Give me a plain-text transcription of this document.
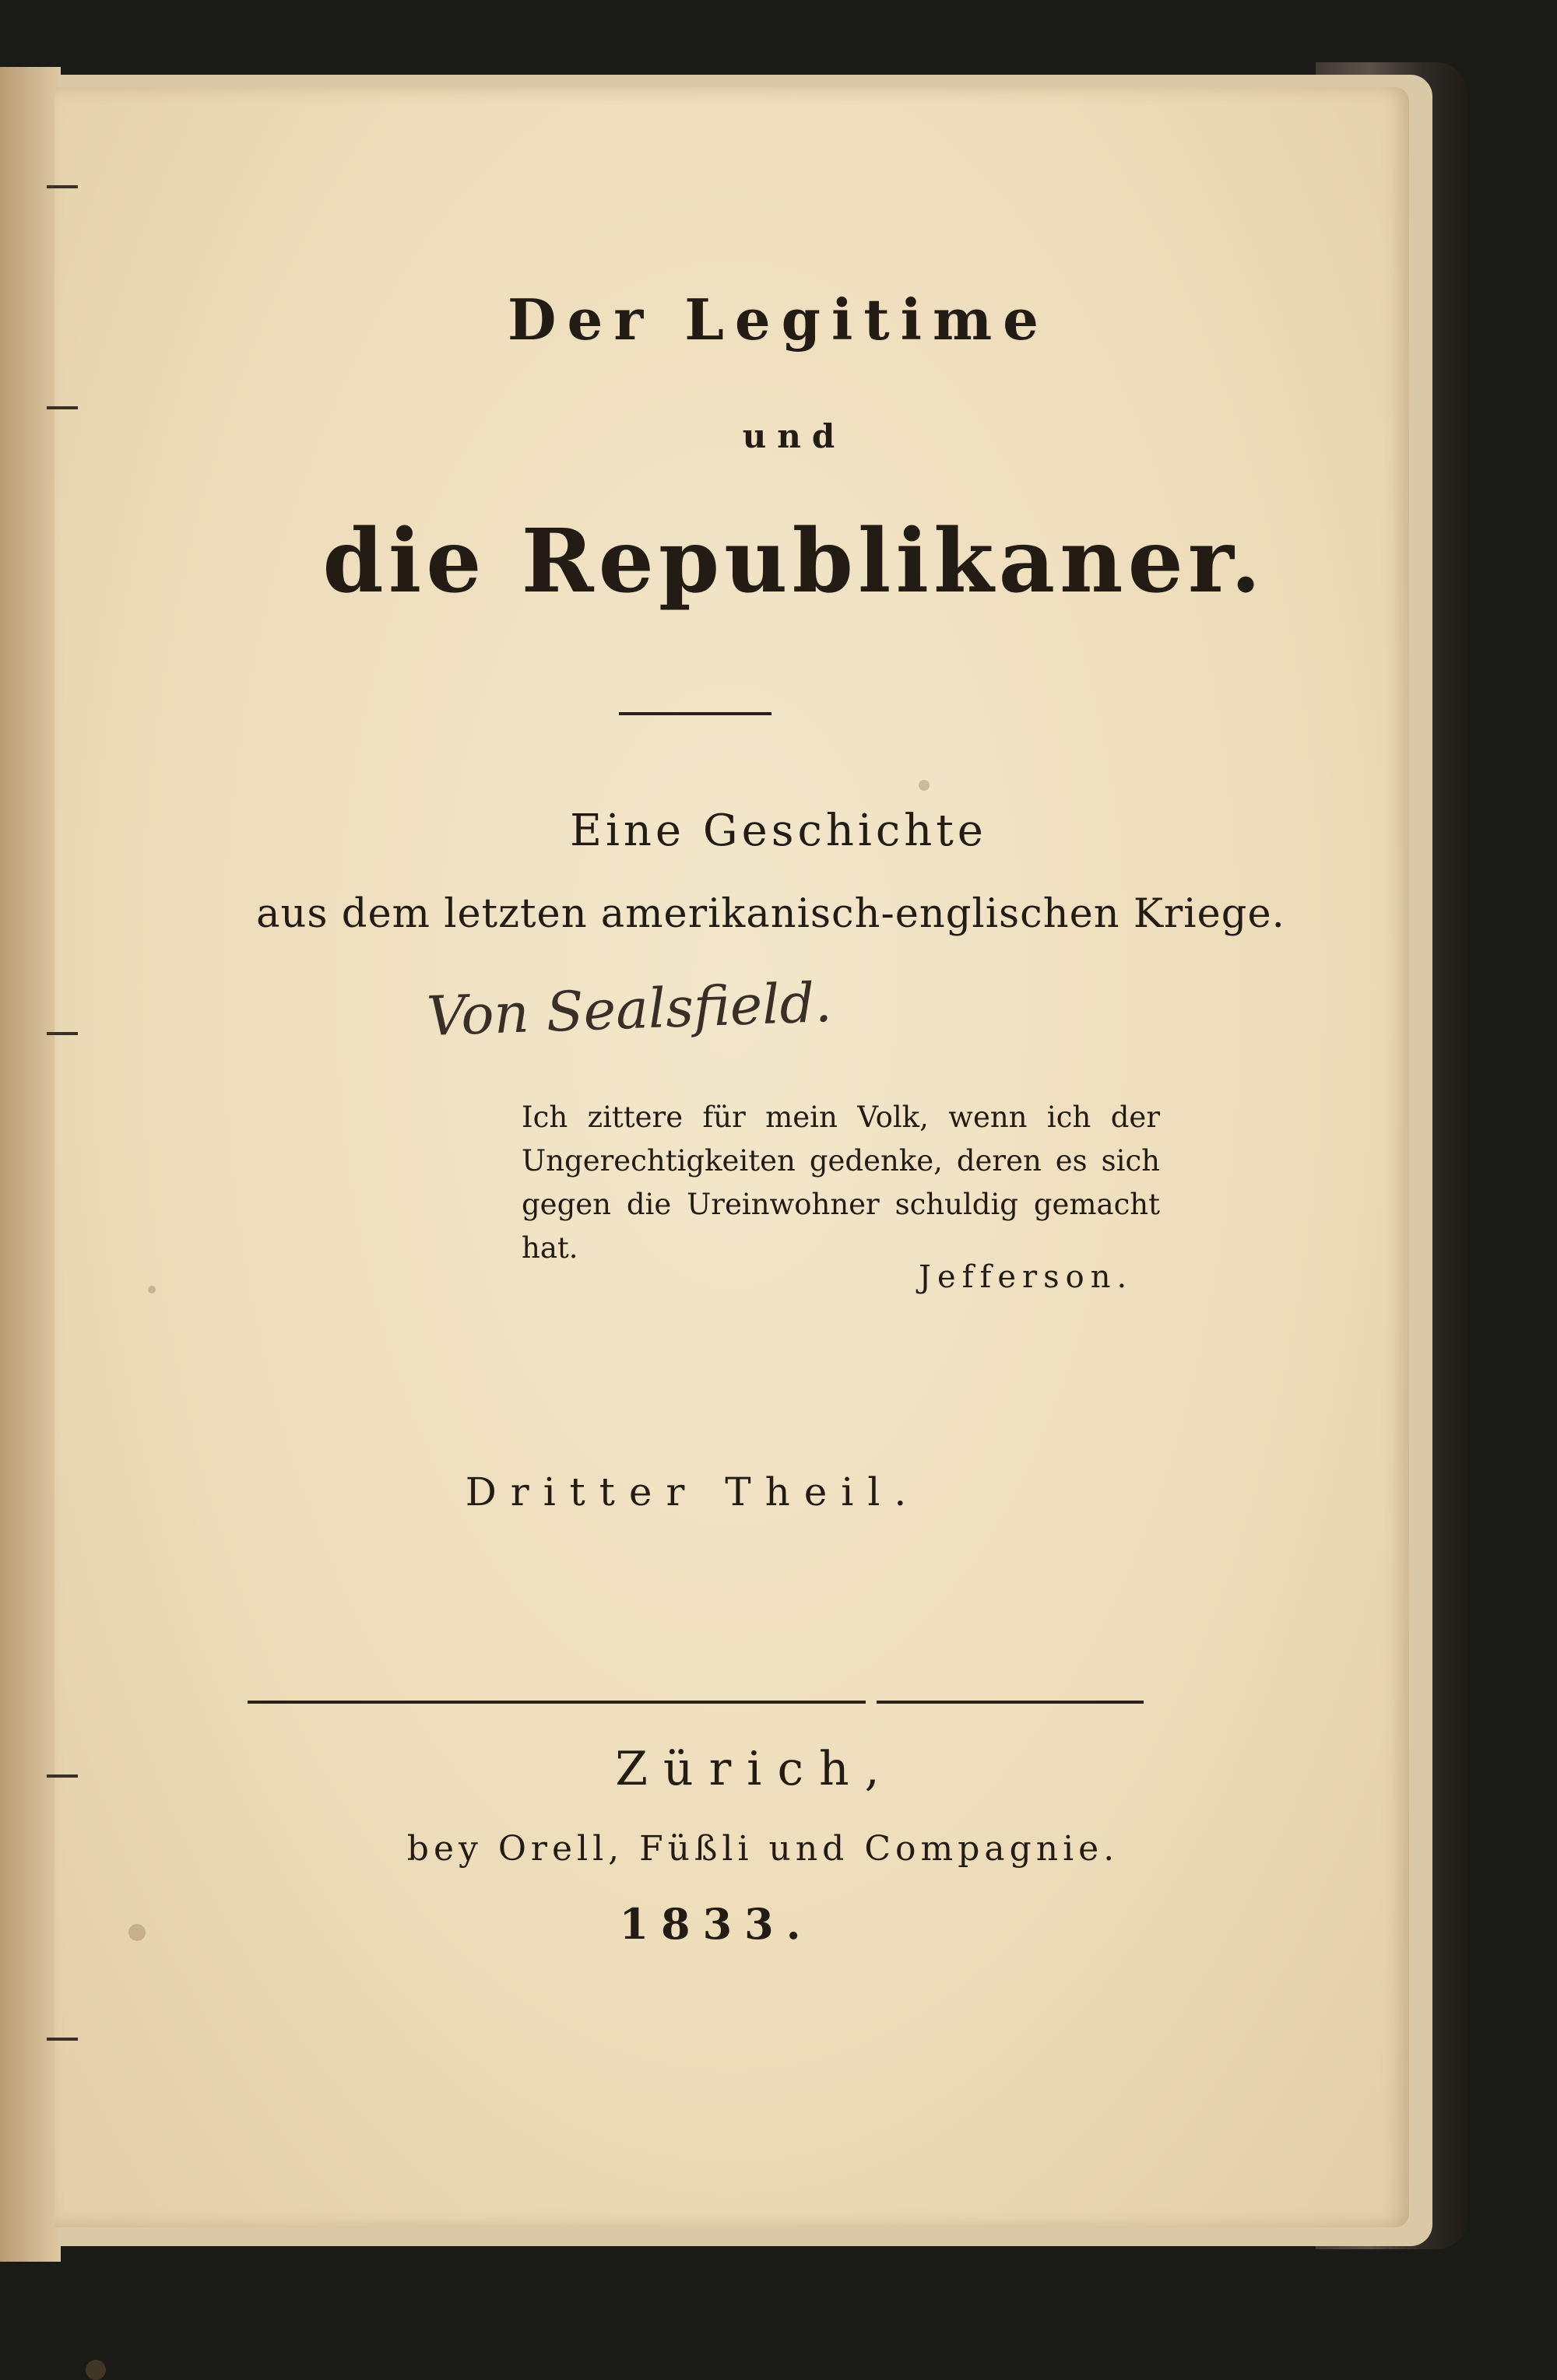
Der Legitime
und
die Republikaner.
Eine Geschichte
aus dem letzten amerikanisch-englischen Kriege.
Von Sealsfield.

Ich zittere für mein Volk, wenn ich der Ungerechtigkeiten gedenke, deren es sich gegen die Ureinwohner schuldig gemacht hat.

Jefferson.
Dritter Theil.
Zürich,
bey Orell, Füßli und Compagnie.
1833.
